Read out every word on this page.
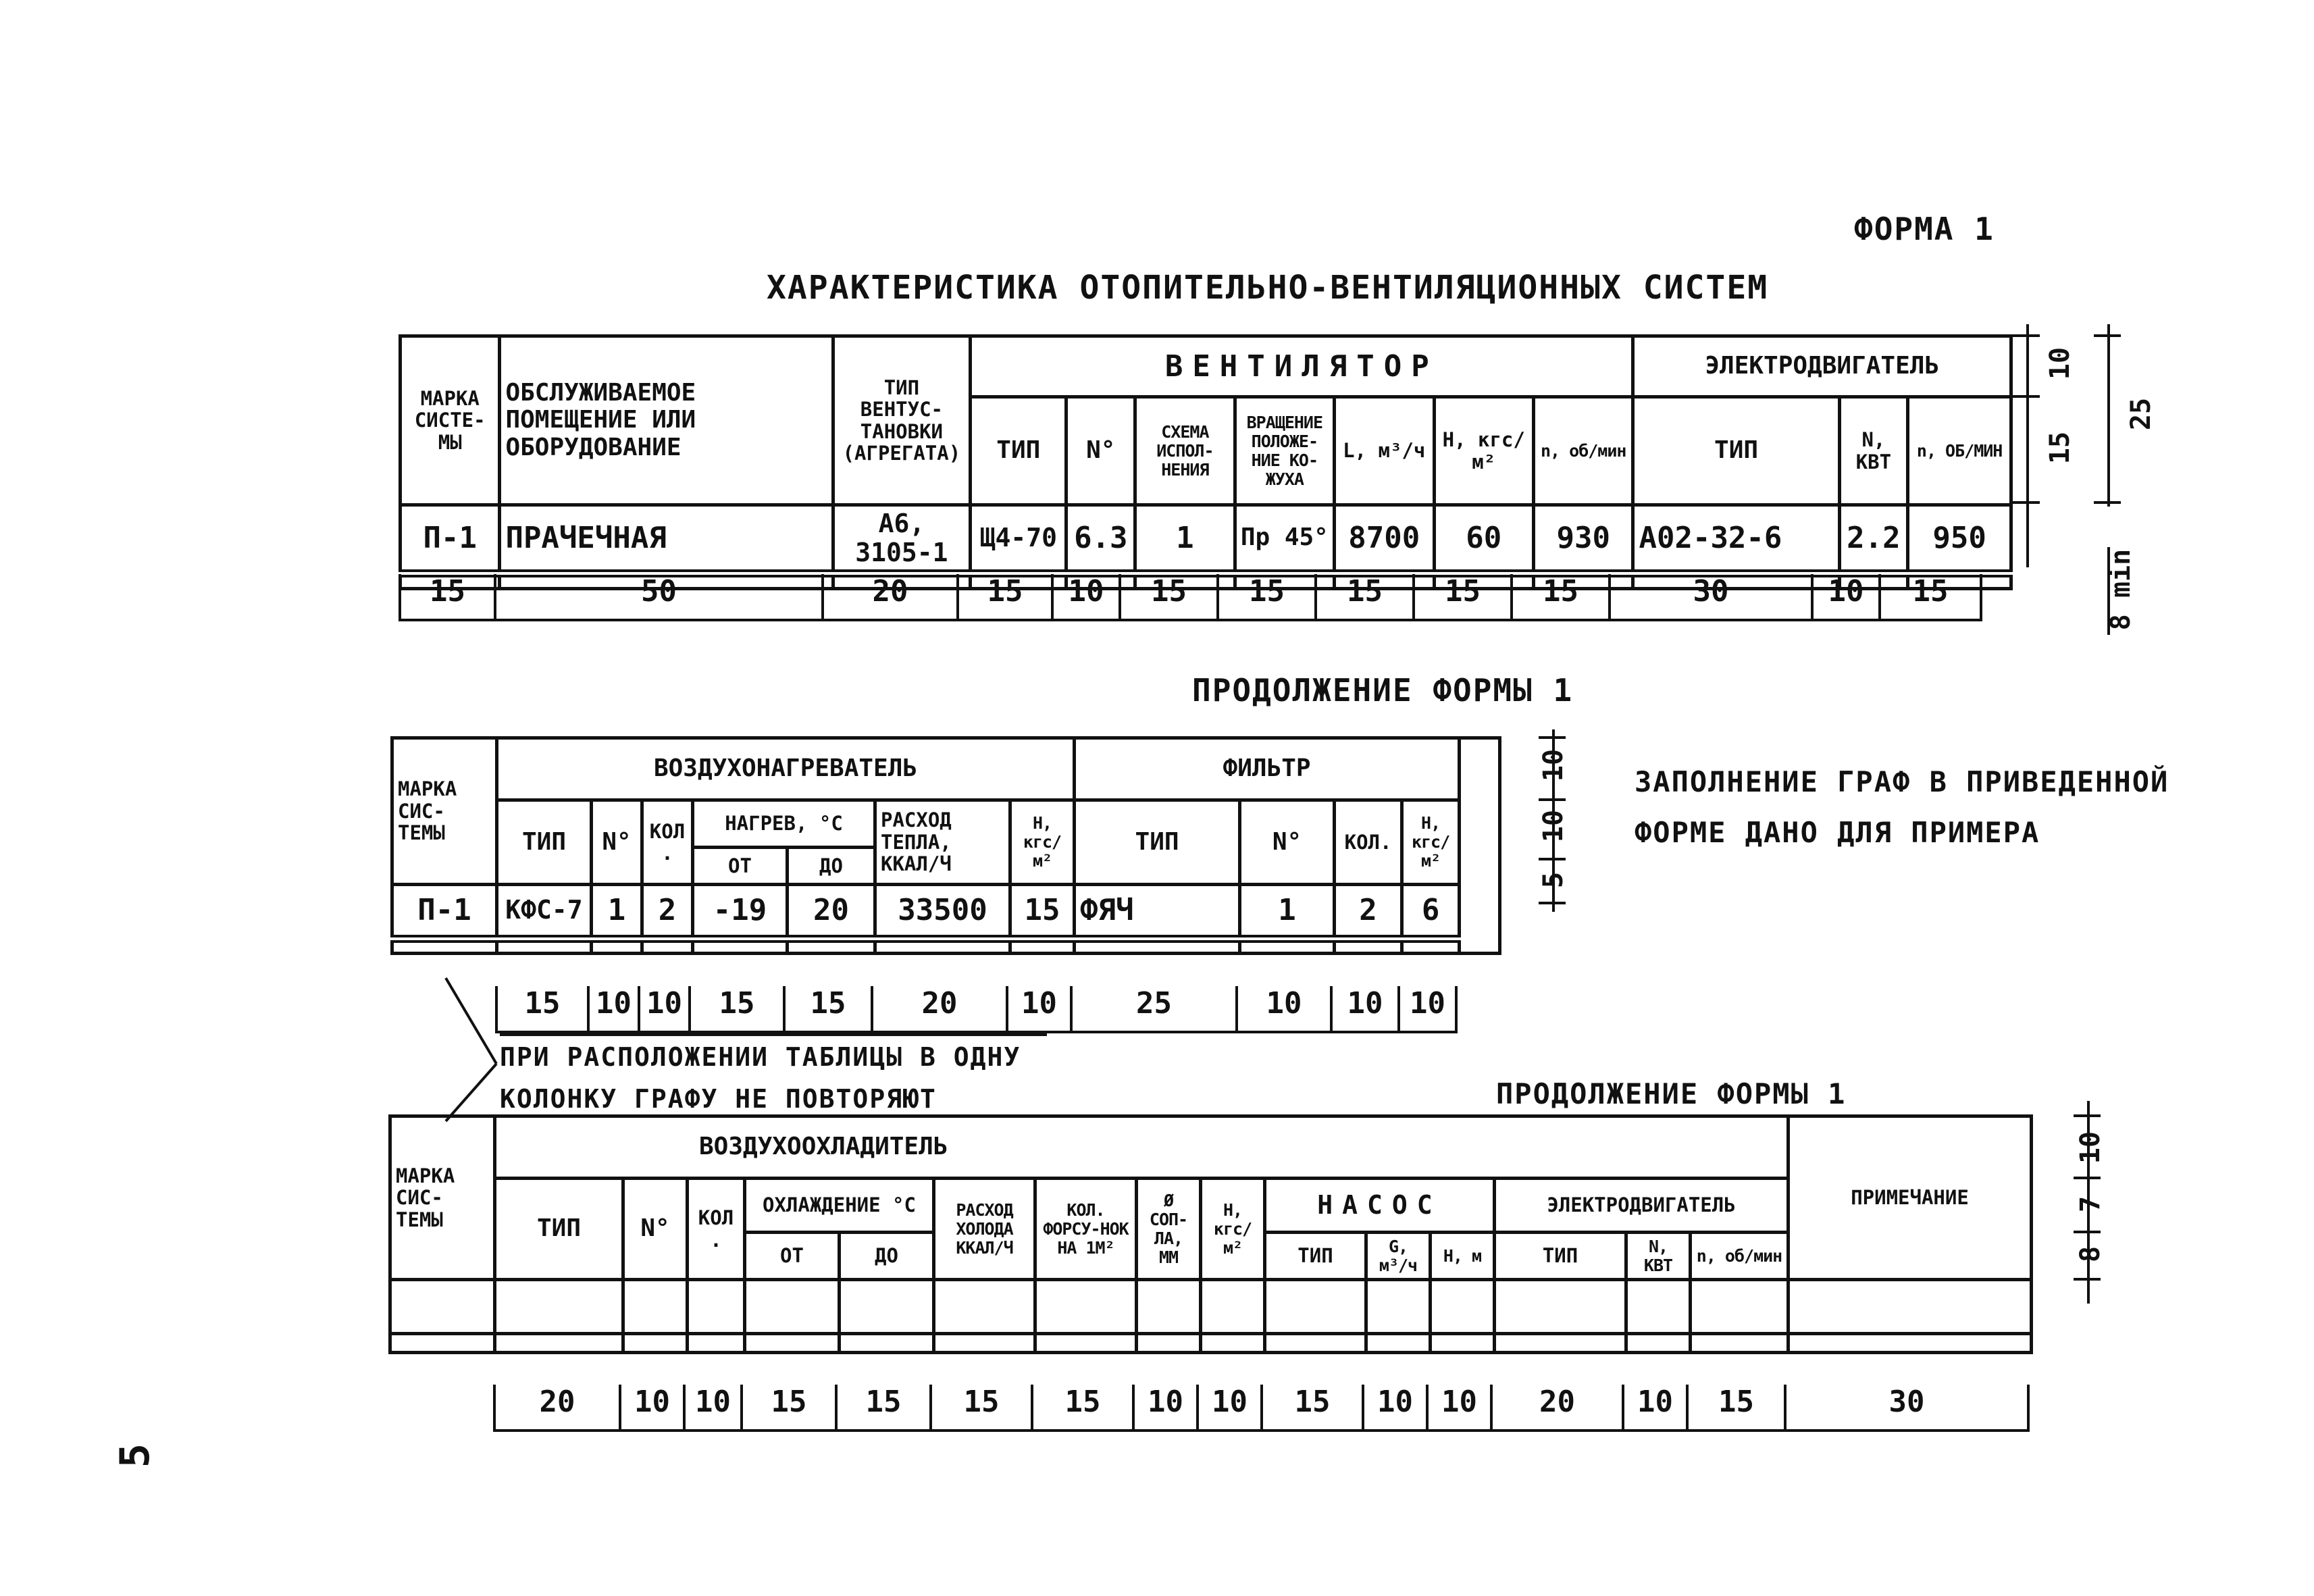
ФОРМА 1
ХАРАКТЕРИСТИКА ОТОПИТЕЛЬНО-ВЕНТИЛЯЦИОННЫХ СИСТЕМ
МАРКА СИСТЕ-МЫ	ОБСЛУЖИВАЕМОЕ ПОМЕЩЕНИЕ ИЛИ ОБОРУДОВАНИЕ	ТИП ВЕНТУС-ТАНОВКИ (АГРЕГАТА)	ВЕНТИЛЯТОР							ЭЛЕКТРОДВИГАТЕЛЬ		
			ТИП	N°	СХЕМА ИСПОЛ-НЕНИЯ	ВРАЩЕНИЕ ПОЛОЖЕ-НИЕ КО-ЖУХА	L, м³/ч	Н, кгс/м²	n, об/мин	ТИП	N, КВТ	n, ОБ/МИН
П-1	ПРАЧЕЧНАЯ	А6, 3105-1	Щ4-70	6.3	1	Пр 45°	8700	60	930	А02-32-6	2.2	950

15	50	20	15	10	15	15	15	15	15	30	10	15
10
15
25
8 min
ПРОДОЛЖЕНИЕ ФОРМЫ 1
ЗАПОЛНЕНИЕ ГРАФ В ПРИВЕДЕННОЙ ФОРМЕ ДАНО ДЛЯ ПРИМЕРА
МАРКА СИС-ТЕМЫ	ВОЗДУХОНАГРЕВАТЕЛЬ							ФИЛЬТР				
	ТИП	N°	КОЛ.	НАГРЕВ, °С		РАСХОД ТЕПЛА, ККАЛ/Ч	Н, кгс/м²	ТИП	N°	КОЛ.	Н, кгс/м²	
				ОТ	ДО							
П-1	КФС-7	1	2	-19	20	33500	15	ФЯЧ	1	2	6	

15	10 10	15	15	20	10	25	10	10 10
10
10
5
ПРИ РАСПОЛОЖЕНИИ ТАБЛИЦЫ В ОДНУ КОЛОНКУ ГРАФУ НЕ ПОВТОРЯЮТ	ПРОДОЛЖЕНИЕ ФОРМЫ 1
МАРКА СИС-ТЕМЫ	ВОЗДУХООХЛАДИТЕЛЬ															ПРИМЕЧАНИЕ
	ТИП	N°	КОЛ.	ОХЛАЖДЕНИЕ °С		РАСХОД ХОЛОДА ККАЛ/Ч	КОЛ. ФОРСУ-НОК НА 1М²	Ø СОП-ЛА, ММ	Н, кгс/м²	НАСОС			ЭЛЕКТРОДВИГАТЕЛЬ			
				ОТ	ДО					ТИП	G, м³/ч	Н, м	ТИП	N, КВТ	n, об/мин	

20	10 10	15	15	15	15	10 10	15	10 10	20	10	15	30
10
7
8
5
